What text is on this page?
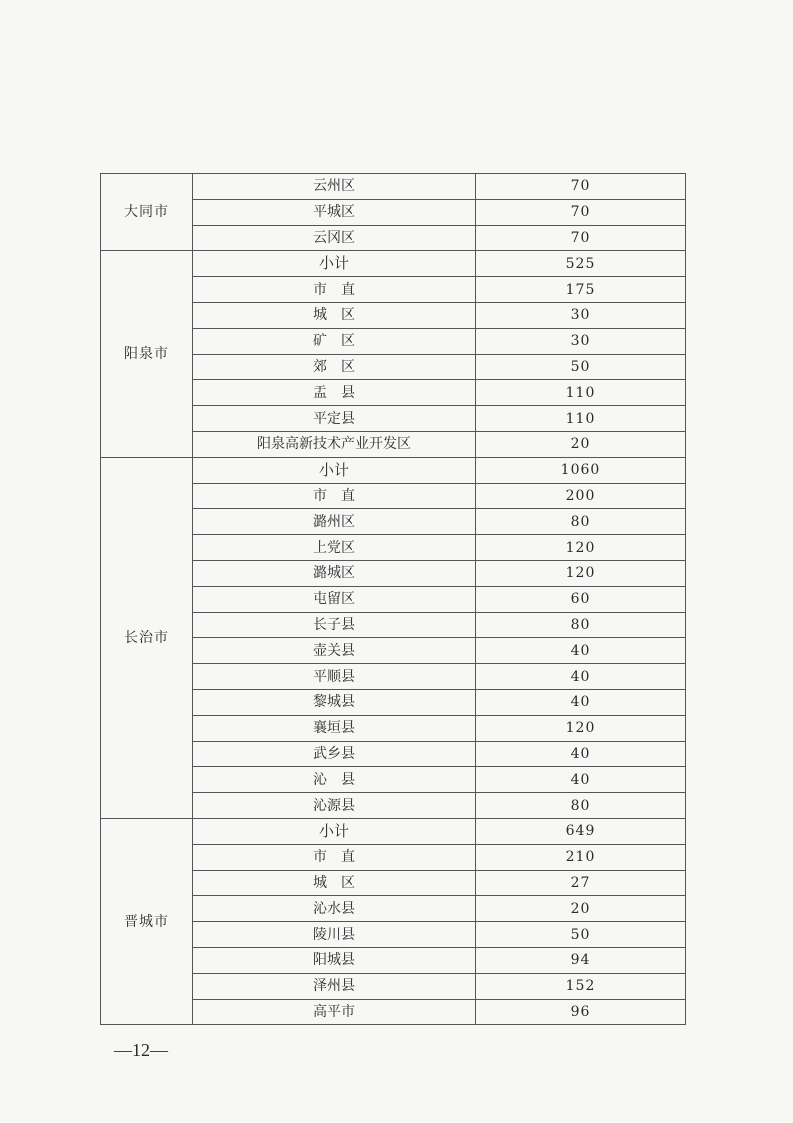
大同市	云州区	70
	平城区	70
	云冈区	70
阳泉市	小计	525
	市　直	175
	城　区	30
	矿　区	30
	郊　区	50
	盂　县	110
	平定县	110
	阳泉高新技术产业开发区	20
长治市	小计	1060
	市　直	200
	潞州区	80
	上党区	120
	潞城区	120
	屯留区	60
	长子县	80
	壶关县	40
	平顺县	40
	黎城县	40
	襄垣县	120
	武乡县	40
	沁　县	40
	沁源县	80
晋城市	小计	649
	市　直	210
	城　区	27
	沁水县	20
	陵川县	50
	阳城县	94
	泽州县	152
	高平市	96
—12—
